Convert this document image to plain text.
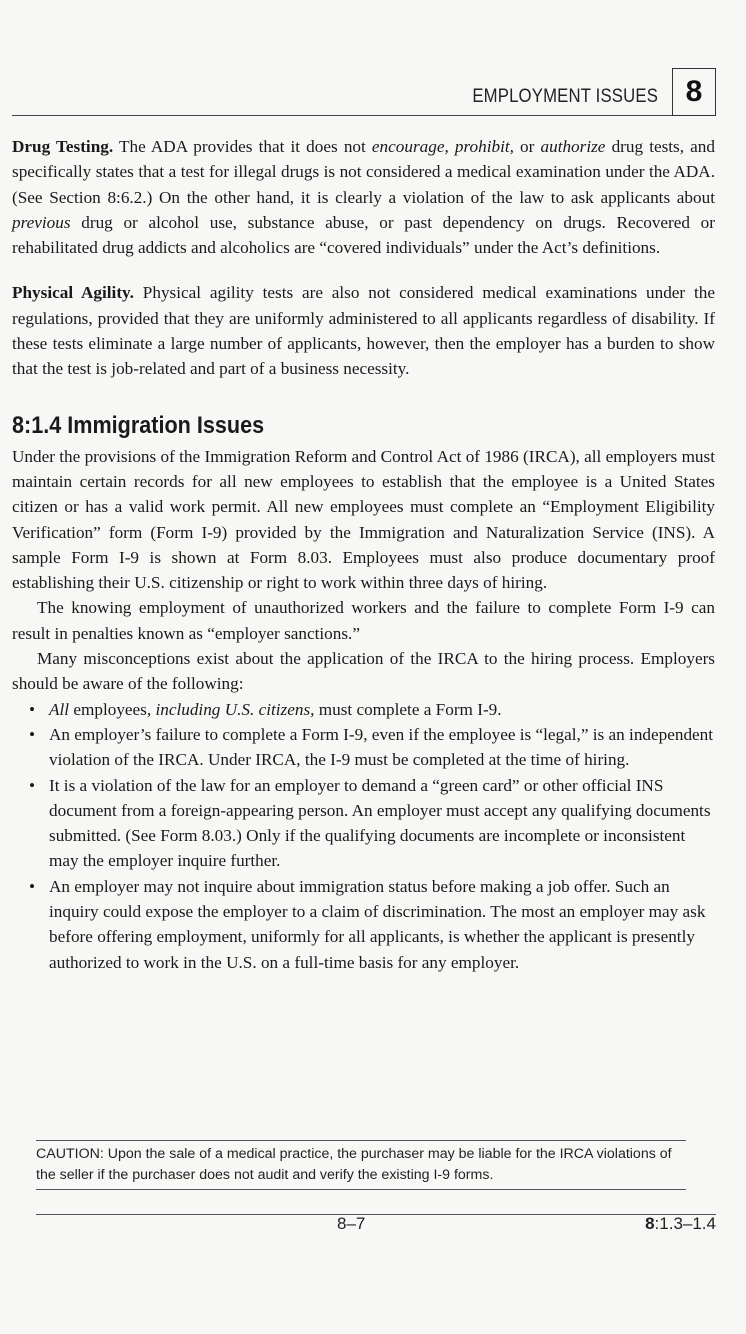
EMPLOYMENT ISSUES 8

Drug Testing. The ADA provides that it does not encourage, prohibit, or authorize drug tests, and specifically states that a test for illegal drugs is not considered a medical examination under the ADA. (See Section 8:6.2.) On the other hand, it is clearly a violation of the law to ask applicants about previous drug or alcohol use, substance abuse, or past dependency on drugs. Recovered or rehabilitated drug addicts and alcoholics are “covered individuals” under the Act’s definitions.

Physical Agility. Physical agility tests are also not considered medical examinations under the regulations, provided that they are uniformly administered to all applicants regardless of disability. If these tests eliminate a large number of applicants, however, then the employer has a burden to show that the test is job-related and part of a business necessity.

8:1.4 Immigration Issues

Under the provisions of the Immigration Reform and Control Act of 1986 (IRCA), all employers must maintain certain records for all new employees to establish that the employee is a United States citizen or has a valid work permit. All new employees must complete an “Employment Eligibility Verification” form (Form I-9) provided by the Immigration and Naturalization Service (INS). A sample Form I-9 is shown at Form 8.03. Employees must also produce documentary proof establishing their U.S. citizenship or right to work within three days of hiring.

The knowing employment of unauthorized workers and the failure to complete Form I-9 can result in penalties known as “employer sanctions.”

Many misconceptions exist about the application of the IRCA to the hiring process. Employers should be aware of the following:

• All employees, including U.S. citizens, must complete a Form I-9.
• An employer’s failure to complete a Form I-9, even if the employee is “legal,” is an independent violation of the IRCA. Under IRCA, the I-9 must be completed at the time of hiring.
• It is a violation of the law for an employer to demand a “green card” or other official INS document from a foreign-appearing person. An employer must accept any qualifying documents submitted. (See Form 8.03.) Only if the qualifying documents are incomplete or inconsistent may the employer inquire further.
• An employer may not inquire about immigration status before making a job offer. Such an inquiry could expose the employer to a claim of discrimination. The most an employer may ask before offering employment, uniformly for all applicants, is whether the applicant is presently authorized to work in the U.S. on a full-time basis for any employer.
CAUTION: Upon the sale of a medical practice, the purchaser may be liable for the IRCA violations of the seller if the purchaser does not audit and verify the existing I-9 forms.
8–7	8:1.3–1.4
